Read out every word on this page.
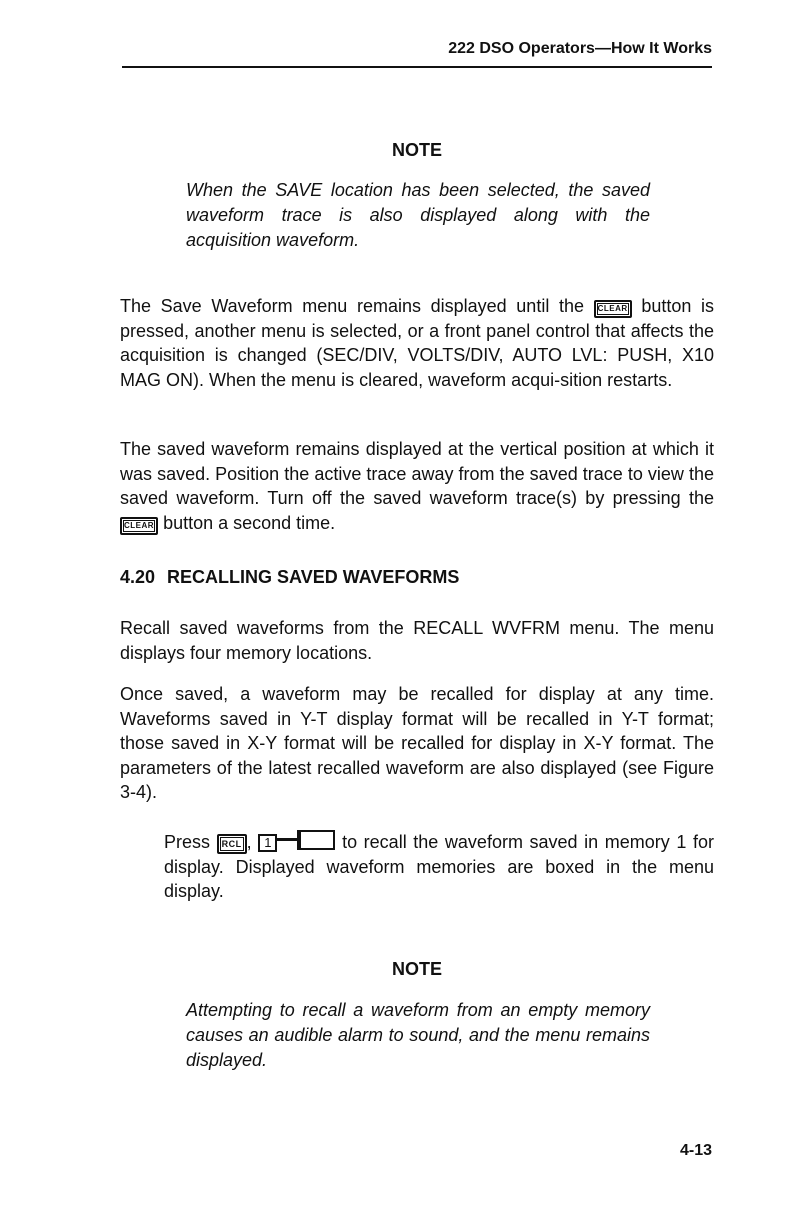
222 DSO Operators—How It Works
NOTE
When the SAVE location has been selected, the saved waveform trace is also displayed along with the acquisition waveform.

The Save Waveform menu remains displayed until the CLEAR button is pressed, another menu is selected, or a front panel control that affects the acquisition is changed (SEC/DIV, VOLTS/DIV, AUTO LVL: PUSH, X10 MAG ON). When the menu is cleared, waveform acqui-sition restarts.

The saved waveform remains displayed at the vertical position at which it was saved. Position the active trace away from the saved trace to view the saved waveform. Turn off the saved waveform trace(s) by pressing the CLEAR button a second time.

4.20 RECALLING SAVED WAVEFORMS

Recall saved waveforms from the RECALL WVFRM menu. The menu displays four memory locations.

Once saved, a waveform may be recalled for display at any time. Waveforms saved in Y-T display format will be recalled in Y-T format; those saved in X-Y format will be recalled for display in X-Y format. The parameters of the latest recalled waveform are also displayed (see Figure 3-4).

Press RCL , 1	to recall the waveform saved in memory 1 for display. Displayed waveform memories are boxed in the menu display.

NOTE
Attempting to recall a waveform from an empty memory causes an audible alarm to sound, and the menu remains displayed.
4-13
